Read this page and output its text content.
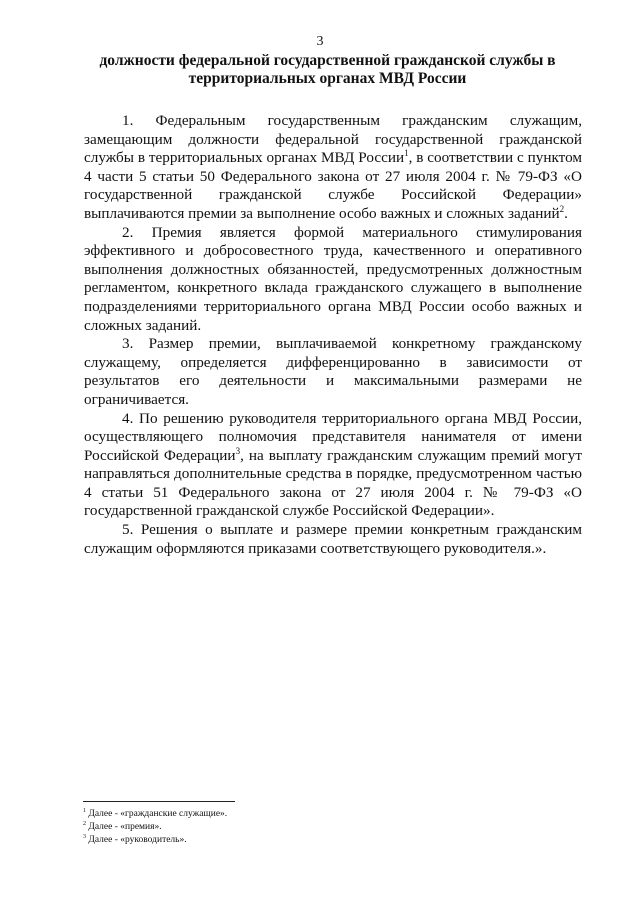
3
должности федеральной государственной гражданской службы в территориальных органах МВД России

1. Федеральным государственным гражданским служащим, замещающим должности федеральной государственной гражданской службы в территориальных органах МВД России$^1$, в соответствии с пунктом 4 части 5 статьи 50 Федерального закона от 27 июля 2004 г. № 79-ФЗ «О государственной гражданской службе Российской Федерации» выплачиваются премии за выполнение особо важных и сложных заданий$^2$.

2. Премия является формой материального стимулирования эффективного и добросовестного труда, качественного и оперативного выполнения должностных обязанностей, предусмотренных должностным регламентом, конкретного вклада гражданского служащего в выполнение подразделениями территориального органа МВД России особо важных и сложных заданий.

3. Размер премии, выплачиваемой конкретному гражданскому служащему, определяется дифференцированно в зависимости от результатов его деятельности и максимальными размерами не ограничивается.

4. По решению руководителя территориального органа МВД России, осуществляющего полномочия представителя нанимателя от имени Российской Федерации$^3$, на выплату гражданским служащим премий могут направляться дополнительные средства в порядке, предусмотренном частью 4 статьи 51 Федерального закона от 27 июля 2004 г. № 79-ФЗ «О государственной гражданской службе Российской Федерации».

5. Решения о выплате и размере премии конкретным гражданским служащим оформляются приказами соответствующего руководителя.».

$^1$ Далее - «гражданские служащие».
$^2$ Далее - «премия».
$^3$ Далее - «руководитель».
